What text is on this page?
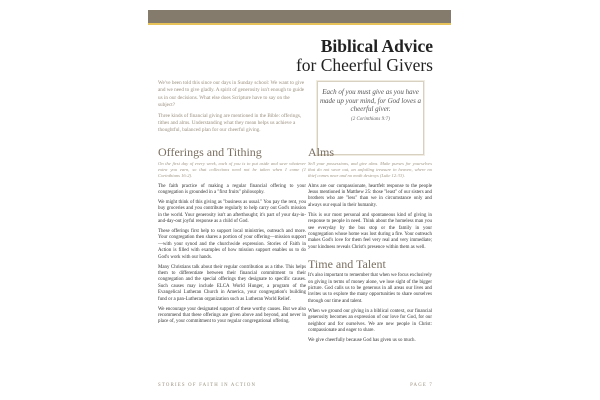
Biblical Advice
for Cheerful Givers

We've been told this since our days in Sunday school: We want to give and we need to give gladly. A spirit of generosity isn't enough to guide us in our decisions. What else does Scripture have to say on the subject?

Three kinds of financial giving are mentioned in the Bible: offerings, tithes and alms. Understanding what they mean helps us achieve a thoughtful, balanced plan for our cheerful giving.

Each of you must give as you have made up your mind, for God loves a cheerful giver.
(2 Corinthians 9:7)
Offerings and Tithing
On the first day of every week, each of you is to put aside and save whatever extra you earn, so that collections need not be taken when I come (1 Corinthians 16:2).

The faith practice of making a regular financial offering to your congregation is grounded in a "first fruits" philosophy.

We might think of this giving as "business as usual." You pay the rent, you buy groceries and you contribute regularly to help carry out God's mission in the world. Your generosity isn't an afterthought; it's part of your day-in-and-day-out joyful response as a child of God.

These offerings first help to support local ministries, outreach and more. Your congregation then shares a portion of your offering—mission support—with your synod and the churchwide expression. Stories of Faith in Action is filled with examples of how mission support enables us to do God's work with our hands.

Many Christians talk about their regular contribution as a tithe. This helps them to differentiate between their financial commitment to their congregation and the special offerings they designate to specific causes. Such causes may include ELCA World Hunger, a program of the Evangelical Lutheran Church in America, your congregation's building fund or a pan-Lutheran organization such as Lutheran World Relief.

We encourage your designated support of these worthy causes. But we also recommend that these offerings are given above and beyond, and never in place of, your commitment to your regular congregational offering.

Alms
Sell your possessions, and give alms. Make purses for yourselves that do not wear out, an unfailing treasure in heaven, where no thief comes near and no moth destroys (Luke 12:33).

Alms are our compassionate, heartfelt response to the people Jesus mentioned in Matthew 25: those "least" of our sisters and brothers who are "less" than we in circumstance only and always our equal in their humanity.

This is our most personal and spontaneous kind of giving in response to people in need. Think about the homeless man you see everyday by the bus stop or the family in your congregation whose home was lost during a fire. Your outreach makes God's love for them feel very real and very immediate; your kindness reveals Christ's presence within them as well.

Time and Talent

It's also important to remember that when we focus exclusively on giving in terms of money alone, we lose sight of the bigger picture. God calls us to be generous in all areas our lives and invites us to explore the many opportunities to share ourselves through our time and talent.

When we ground our giving in a biblical context, our financial generosity becomes an expression of our love for God, for our neighbor and for ourselves. We are new people in Christ: compassionate and eager to share.

We give cheerfully because God has given us so much.

STORIES OF FAITH IN ACTION	PAGE 7
